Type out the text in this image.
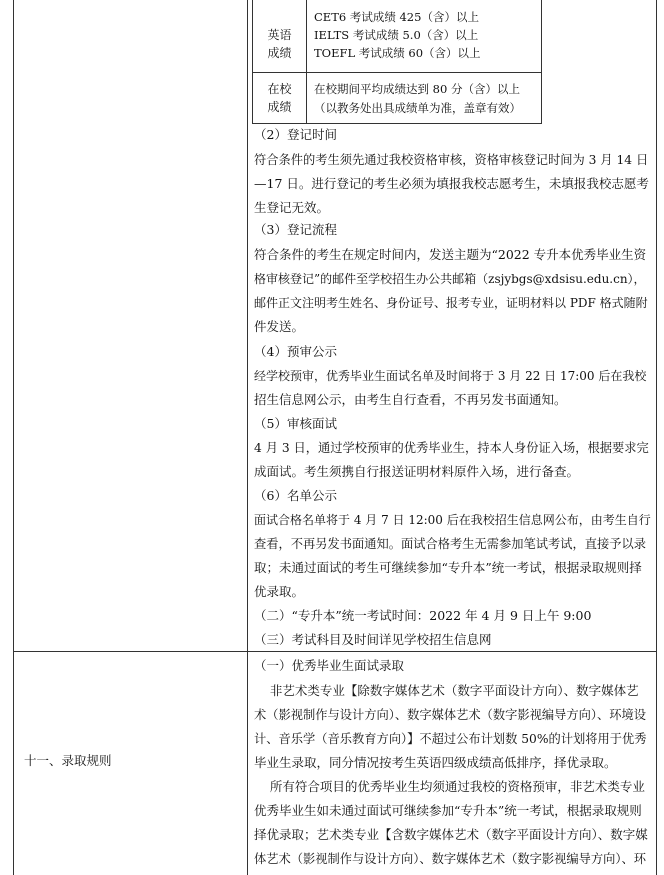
英语
成绩
CET6 考试成绩 425（含）以上
IELTS 考试成绩 5.0（含）以上
TOEFL 考试成绩 60（含）以上
在校
成绩
在校期间平均成绩达到 80 分（含）以上
（以教务处出具成绩单为准，盖章有效）
（2）登记时间
符合条件的考生须先通过我校资格审核，资格审核登记时间为 3 月 14 日
—17 日。进行登记的考生必须为填报我校志愿考生，未填报我校志愿考
生登记无效。
（3）登记流程
符合条件的考生在规定时间内，发送主题为“2022 专升本优秀毕业生资
格审核登记”的邮件至学校招生办公共邮箱（zsjybgs@xdsisu.edu.cn），
邮件正文注明考生姓名、身份证号、报考专业，证明材料以 PDF 格式随附
件发送。
（4）预审公示
经学校预审，优秀毕业生面试名单及时间将于 3 月 22 日 17:00 后在我校
招生信息网公示，由考生自行查看，不再另发书面通知。
（5）审核面试
4 月 3 日，通过学校预审的优秀毕业生，持本人身份证入场，根据要求完
成面试。考生须携自行报送证明材料原件入场，进行备查。
（6）名单公示
面试合格名单将于 4 月 7 日 12:00 后在我校招生信息网公布，由考生自行
查看，不再另发书面通知。面试合格考生无需参加笔试考试，直接予以录
取；未通过面试的考生可继续参加“专升本”统一考试，根据录取规则择
优录取。
（二）“专升本”统一考试时间：2022 年 4 月 9 日上午 9:00
（三）考试科目及时间详见学校招生信息网
十一、录取规则
（一）优秀毕业生面试录取
非艺术类专业【除数字媒体艺术（数字平面设计方向）、数字媒体艺
术（影视制作与设计方向）、数字媒体艺术（数字影视编导方向）、环境设
计、音乐学（音乐教育方向）】不超过公布计划数 50%的计划将用于优秀
毕业生录取，同分情况按考生英语四级成绩高低排序，择优录取。
所有符合项目的优秀毕业生均须通过我校的资格预审，非艺术类专业
优秀毕业生如未通过面试可继续参加“专升本”统一考试，根据录取规则
择优录取；艺术类专业【含数字媒体艺术（数字平面设计方向）、数字媒
体艺术（影视制作与设计方向）、数字媒体艺术（数字影视编导方向）、环
